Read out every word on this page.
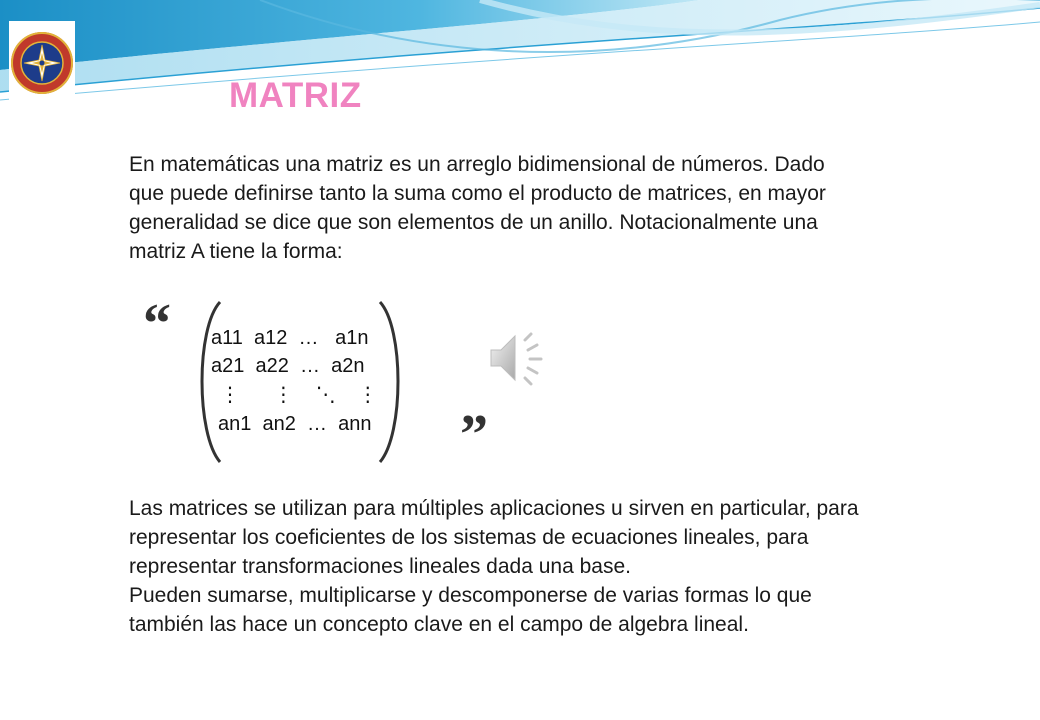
MATRIZ

En matemáticas una matriz es un arreglo bidimensional de números. Dado que puede definirse tanto la suma como el producto de matrices, en mayor generalidad se dice que son elementos de un anillo. Notacionalmente una matriz A tiene la forma:

“ a11  a12  …   a1n
a21  a22  …  a2n
⋮      ⋮    ⋱    ⋮
an1  an2  …  ann ”
Las matrices se utilizan para múltiples aplicaciones u sirven en particular, para representar los coeficientes de los sistemas de ecuaciones lineales, para representar transformaciones lineales dada una base.
Pueden sumarse, multiplicarse y descomponerse de varias formas lo que también las hace un concepto clave en el campo de algebra lineal.
